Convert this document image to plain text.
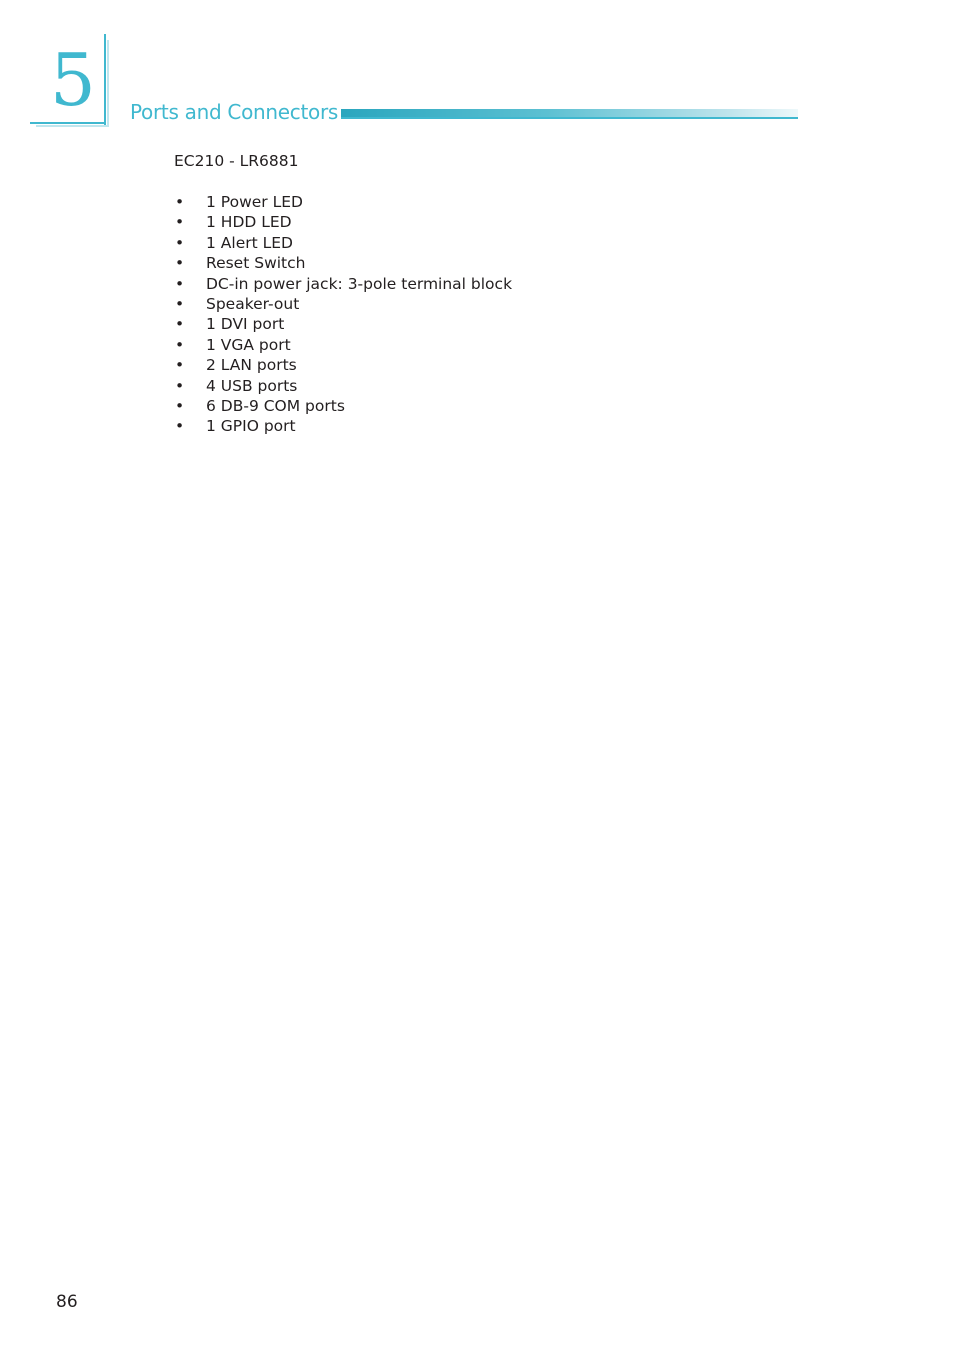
5 Ports and Connectors
EC210 - LR6881
• 1 Power LED
• 1 HDD LED
• 1 Alert LED
• Reset Switch
• DC-in power jack: 3-pole terminal block
• Speaker-out
• 1 DVI port
• 1 VGA port
• 2 LAN ports
• 4 USB ports
• 6 DB-9 COM ports
• 1 GPIO port
86
